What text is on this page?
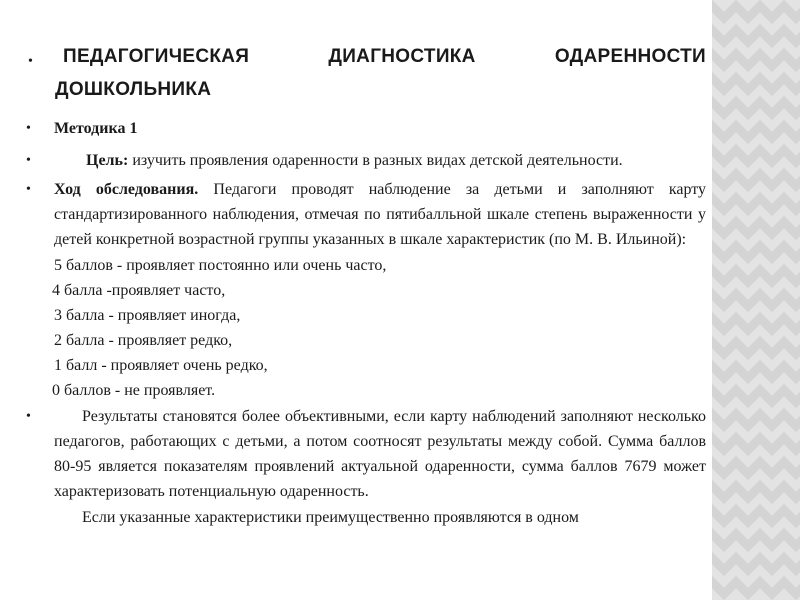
• ПЕДАГОГИЧЕСКАЯ	ДИАГНОСТИКА	ОДАРЕННОСТИ
ДОШКОЛЬНИКА
• Методика 1
•	Цель: изучить проявления одаренности в разных видах детской деятельности.
• Ход обследования. Педагоги проводят наблюдение за детьми и заполняют карту стандартизированного наблюдения, отмечая по пятибалльной шкале степень выраженности у детей конкретной возрастной группы указанных в шкале характеристик (по М. В. Ильиной):
5 баллов - проявляет постоянно или очень часто,
4 балла -проявляет часто,
3 балла - проявляет иногда,
2 балла - проявляет редко,
1 балл - проявляет очень редко,
0 баллов - не проявляет.
•	Результаты становятся более объективными, если карту наблюдений заполняют несколько педагогов, работающих с детьми, а потом соотносят результаты между собой. Сумма баллов 80-95 является показателям проявлений актуальной одаренности, сумма баллов 7679 может характеризовать потенциальную одаренность.
Если указанные характеристики преимущественно проявляются в одном
